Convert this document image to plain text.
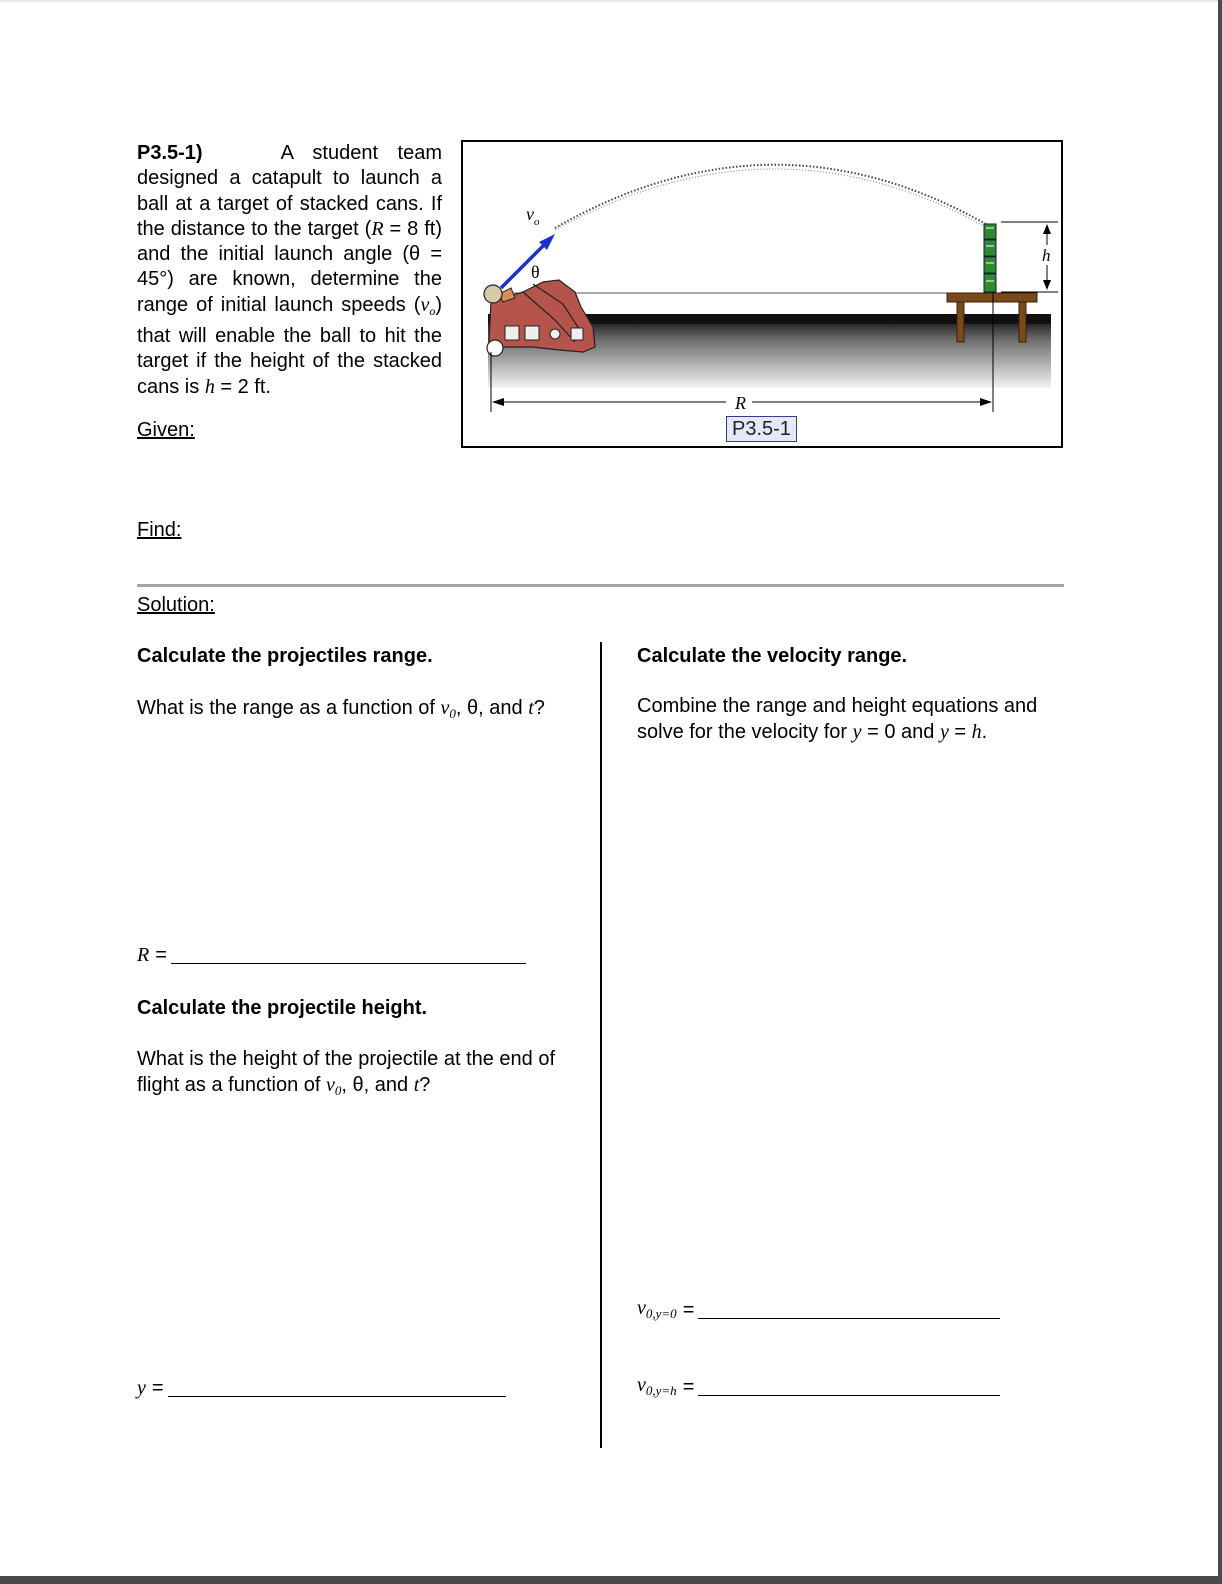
P3.5-1)	A student team designed a catapult to launch a ball at a target of stacked cans. If the distance to the target (R = 8 ft) and the initial launch angle (θ = 45°) are known, determine the range of initial launch speeds $(v_o)$ that will enable the ball to hit the target if the height of the stacked cans is h = 2 ft.
Given:
Find:
$v_o$
θ
h
R
P3.5-1
Solution:
Calculate the projectiles range.
What is the range as a function of $v_0$, θ, and t?
R =
Calculate the projectile height.
What is the height of the projectile at the end of flight as a function of $v_0$, θ, and t?
y =
Calculate the velocity range.
Combine the range and height equations and solve for the velocity for y = 0 and y = h.
$v_{0,y=0}$ =
$v_{0,y=h}$ =
